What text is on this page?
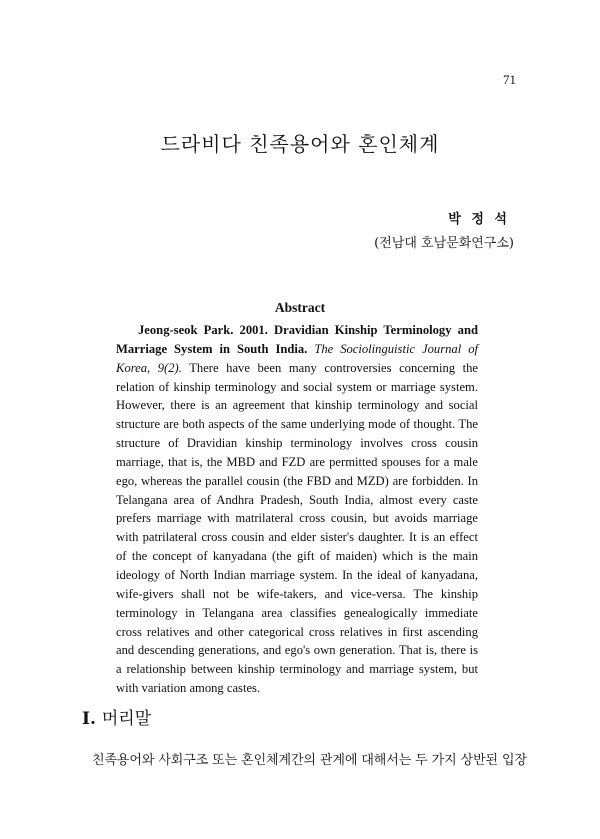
71
드라비다 친족용어와 혼인체계
박 정 석
(전남대 호남문화연구소)
Abstract
Jeong-seok Park. 2001. Dravidian Kinship Terminology and Marriage System in South India. The Sociolinguistic Journal of Korea, 9(2). There have been many controversies concerning the relation of kinship terminology and social system or marriage system. However, there is an agreement that kinship terminology and social structure are both aspects of the same underlying mode of thought. The structure of Dravidian kinship terminology involves cross cousin marriage, that is, the MBD and FZD are permitted spouses for a male ego, whereas the parallel cousin (the FBD and MZD) are forbidden. In Telangana area of Andhra Pradesh, South India, almost every caste prefers marriage with matrilateral cross cousin, but avoids marriage with patrilateral cross cousin and elder sister's daughter. It is an effect of the concept of kanyadana (the gift of maiden) which is the main ideology of North Indian marriage system. In the ideal of kanyadana, wife-givers shall not be wife-takers, and vice-versa. The kinship terminology in Telangana area classifies genealogically immediate cross relatives and other categorical cross relatives in first ascending and descending generations, and ego's own generation. That is, there is a relationship between kinship terminology and marriage system, but with variation among castes.
Ⅰ. 머리말
친족용어와 사회구조 또는 혼인체계간의 관계에 대해서는 두 가지 상반된 입장
